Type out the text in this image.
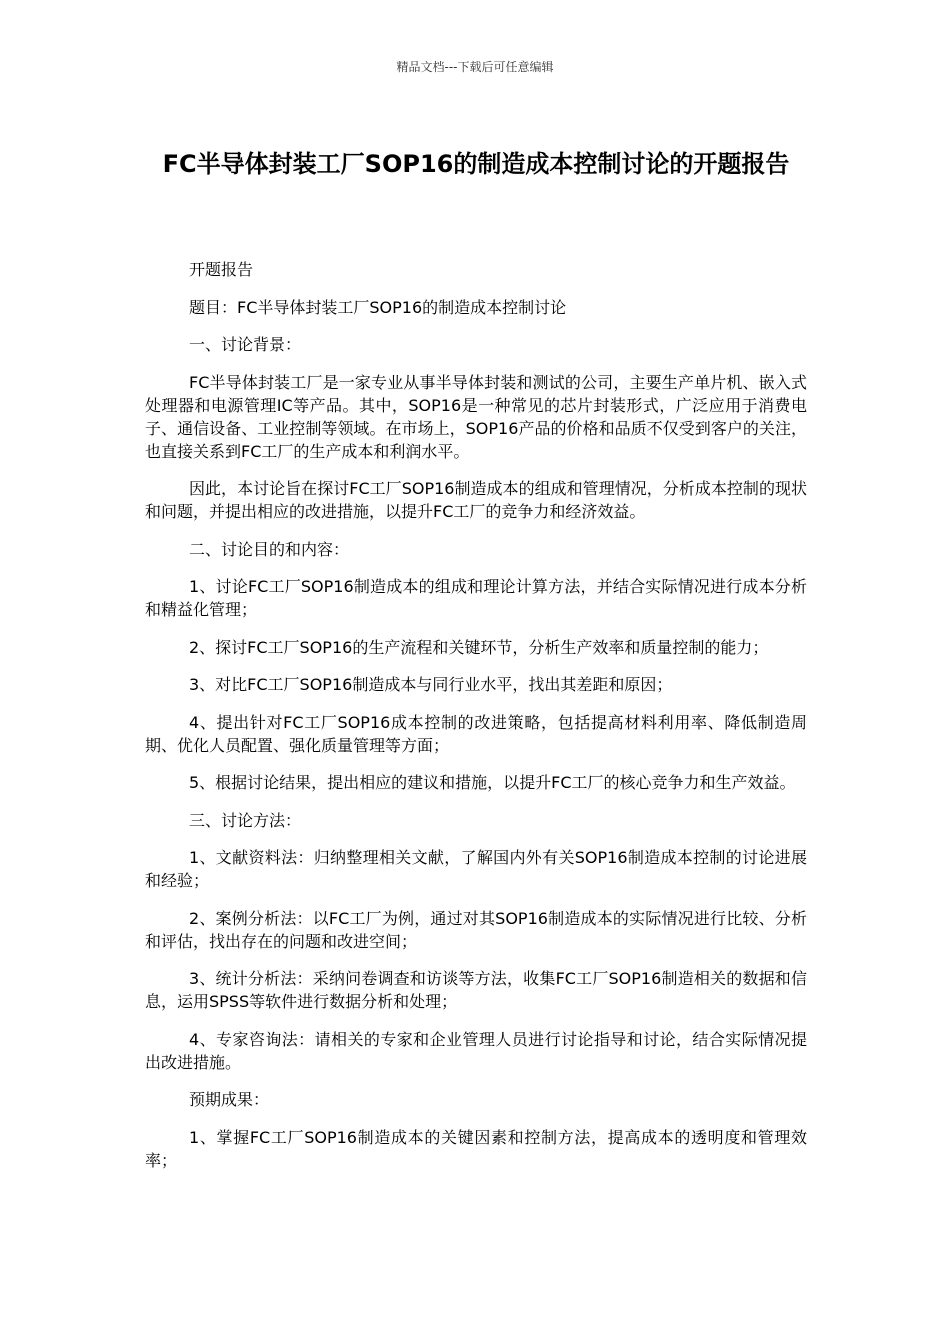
精品文档---下载后可任意编辑
FC半导体封装工厂SOP16的制造成本控制讨论的开题报告

开题报告

题目：FC半导体封装工厂SOP16的制造成本控制讨论

一、讨论背景：

FC半导体封装工厂是一家专业从事半导体封装和测试的公司，主要生产单片机、嵌入式处理器和电源管理IC等产品。其中，SOP16是一种常见的芯片封装形式，广泛应用于消费电子、通信设备、工业控制等领域。在市场上，SOP16产品的价格和品质不仅受到客户的关注，也直接关系到FC工厂的生产成本和利润水平。

因此，本讨论旨在探讨FC工厂SOP16制造成本的组成和管理情况，分析成本控制的现状和问题，并提出相应的改进措施，以提升FC工厂的竞争力和经济效益。

二、讨论目的和内容：

1、讨论FC工厂SOP16制造成本的组成和理论计算方法，并结合实际情况进行成本分析和精益化管理；

2、探讨FC工厂SOP16的生产流程和关键环节，分析生产效率和质量控制的能力；

3、对比FC工厂SOP16制造成本与同行业水平，找出其差距和原因；

4、提出针对FC工厂SOP16成本控制的改进策略，包括提高材料利用率、降低制造周期、优化人员配置、强化质量管理等方面；

5、根据讨论结果，提出相应的建议和措施，以提升FC工厂的核心竞争力和生产效益。

三、讨论方法：

1、文献资料法：归纳整理相关文献，了解国内外有关SOP16制造成本控制的讨论进展和经验；

2、案例分析法：以FC工厂为例，通过对其SOP16制造成本的实际情况进行比较、分析和评估，找出存在的问题和改进空间；

3、统计分析法：采纳问卷调查和访谈等方法，收集FC工厂SOP16制造相关的数据和信息，运用SPSS等软件进行数据分析和处理；

4、专家咨询法：请相关的专家和企业管理人员进行讨论指导和讨论，结合实际情况提出改进措施。

预期成果：

1、掌握FC工厂SOP16制造成本的关键因素和控制方法，提高成本的透明度和管理效率；
